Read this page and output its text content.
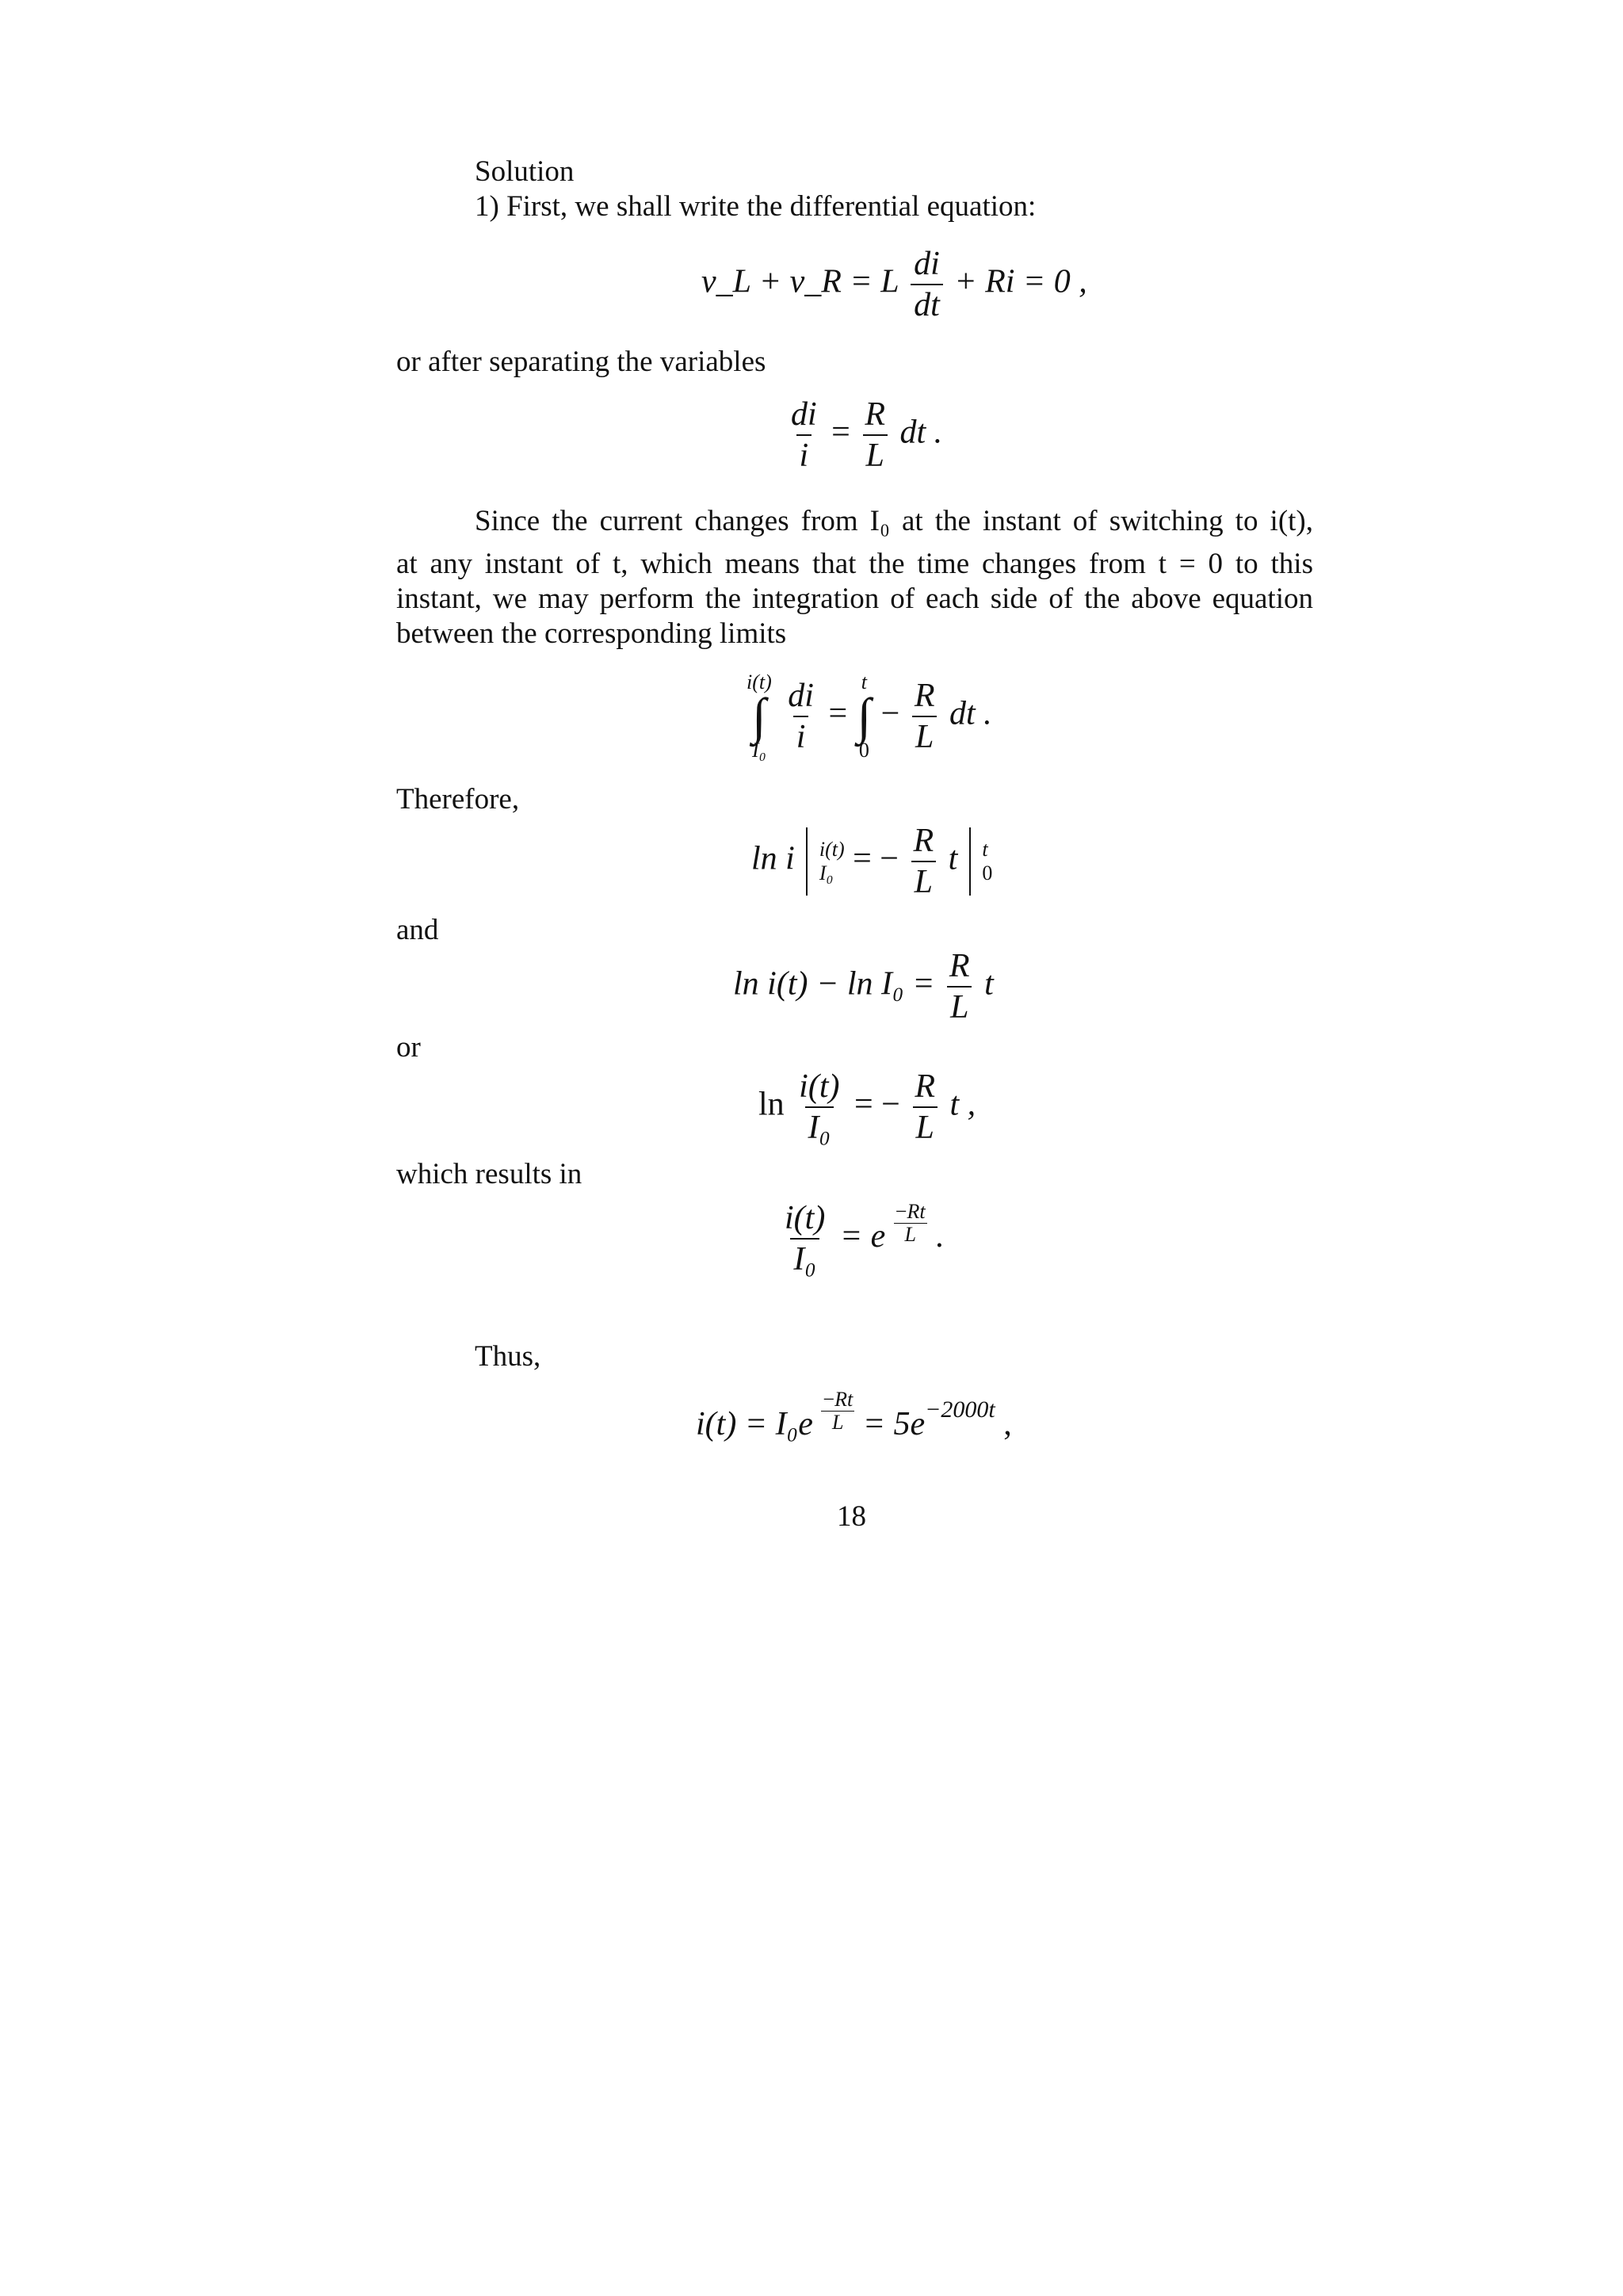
Solution
1) First, we shall write the differential equation:
v_L + v_R = L $\frac{di}{dt} + Ri = 0$ ,
or after separating the variables
$\frac{di}{i} = \frac{R}{L}$ dt .
Since the current changes from I₀ at the instant of switching to i(t),
at any instant of t, which means that the time changes from t = 0 to this
instant, we may perform the integration of each side of the above equation
between the corresponding limits
i(t)
∫
I₀
$\frac{di}{i}$ =
t
∫
0
− $\frac{R}{L}$ dt .
Therefore,
ln i i(t)
I₀ = − $\frac{R}{L}$ t t
0
and
$\ln i(t) - \ln I_0 = \frac{R}{L}$ t
or
$\ln \frac{i(t)}{\text{I₀}}$ = − $\frac{R}{L}$ t ,
which results in
$\frac{i(t)}{\text{I₀}} = e \frac{-Rt}{L}$ .
Thus,
$i(t) = I_0e \frac{-Rt}{L} = 5e^{-2000t}$ ,
18
